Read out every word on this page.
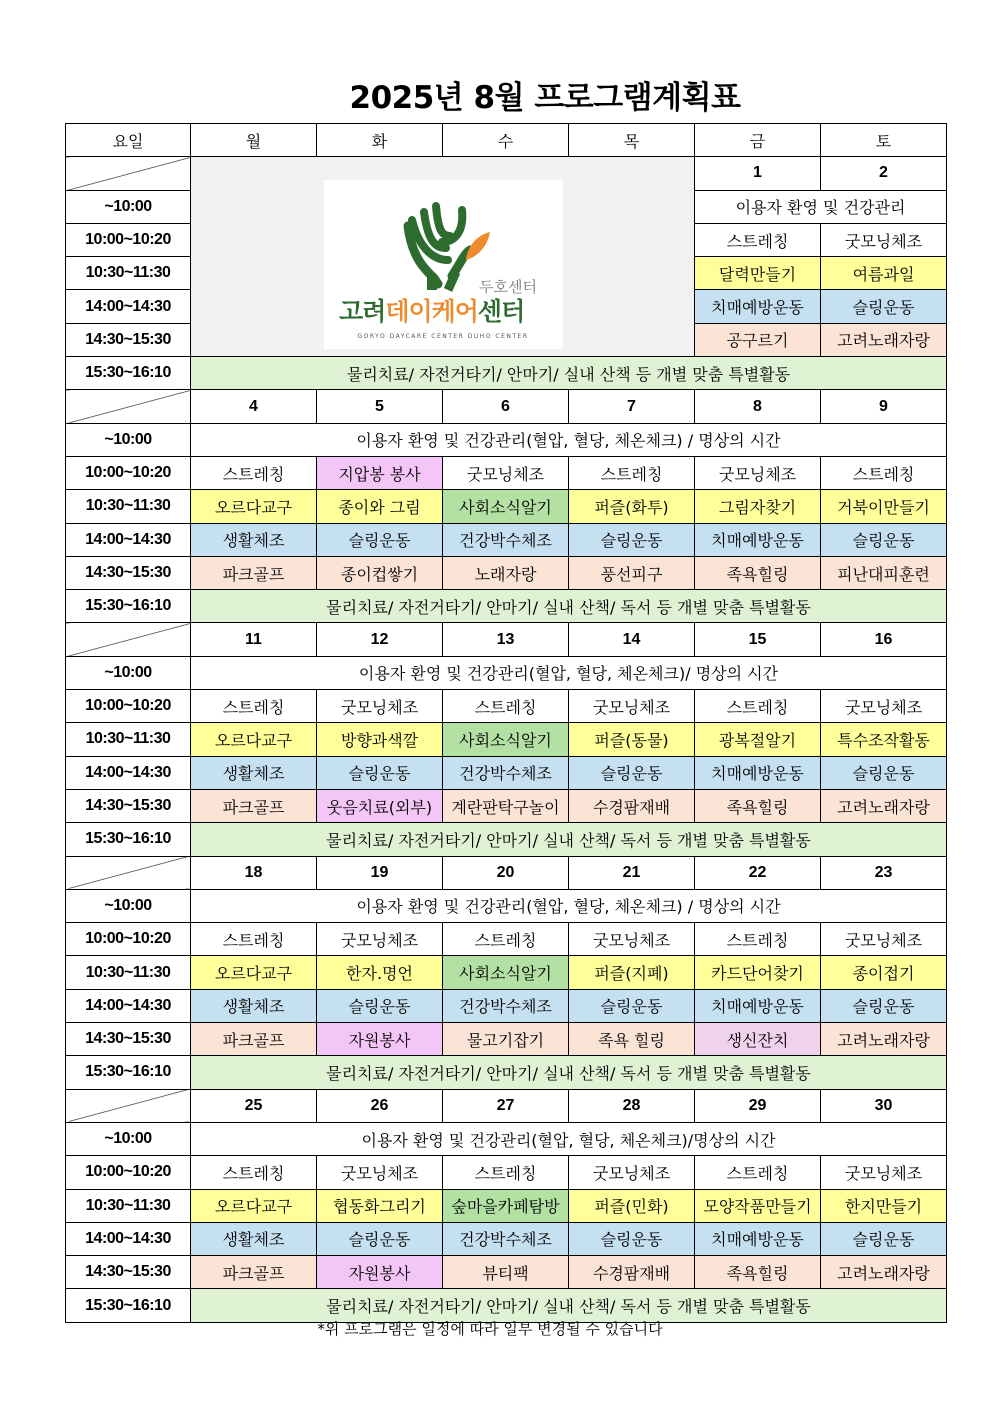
2025년 8월 프로그램계획표
요일	월	화	수	목	금	토

두호센터
고려데이케어센터
GORYO DAYCARE CENTER DUHO CENTER				1	2
~10:00					이용자 환영 및 건강관리	
10:00~10:20					스트레칭	굿모닝체조
10:30~11:30					달력만들기	여름과일
14:00~14:30					치매예방운동	슬링운동
14:30~15:30					공구르기	고려노래자랑
15:30~16:10	물리치료/ 자전거타기/ 안마기/ 실내 산책 등 개별 맞춤 특별활동					
	4	5	6	7	8	9
~10:00	이용자 환영 및 건강관리(혈압, 혈당, 체온체크) / 명상의 시간					
10:00~10:20	스트레칭	지압봉 봉사	굿모닝체조	스트레칭	굿모닝체조	스트레칭
10:30~11:30	오르다교구	종이와 그림	사회소식알기	퍼즐(화투)	그림자찾기	거북이만들기
14:00~14:30	생활체조	슬링운동	건강박수체조	슬링운동	치매예방운동	슬링운동
14:30~15:30	파크골프	종이컵쌓기	노래자랑	풍선피구	족욕힐링	피난대피훈련
15:30~16:10	물리치료/ 자전거타기/ 안마기/ 실내 산책/ 독서 등 개별 맞춤 특별활동					
	11	12	13	14	15	16
~10:00	이용자 환영 및 건강관리(혈압, 혈당, 체온체크)/ 명상의 시간					
10:00~10:20	스트레칭	굿모닝체조	스트레칭	굿모닝체조	스트레칭	굿모닝체조
10:30~11:30	오르다교구	방향과색깔	사회소식알기	퍼즐(동물)	광복절알기	특수조작활동
14:00~14:30	생활체조	슬링운동	건강박수체조	슬링운동	치매예방운동	슬링운동
14:30~15:30	파크골프	웃음치료(외부)	계란판탁구놀이	수경팜재배	족욕힐링	고려노래자랑
15:30~16:10	물리치료/ 자전거타기/ 안마기/ 실내 산책/ 독서 등 개별 맞춤 특별활동					
	18	19	20	21	22	23
~10:00	이용자 환영 및 건강관리(혈압, 혈당, 체온체크) / 명상의 시간					
10:00~10:20	스트레칭	굿모닝체조	스트레칭	굿모닝체조	스트레칭	굿모닝체조
10:30~11:30	오르다교구	한자.명언	사회소식알기	퍼즐(지폐)	카드단어찾기	종이접기
14:00~14:30	생활체조	슬링운동	건강박수체조	슬링운동	치매예방운동	슬링운동
14:30~15:30	파크골프	자원봉사	물고기잡기	족욕 힐링	생신잔치	고려노래자랑
15:30~16:10	물리치료/ 자전거타기/ 안마기/ 실내 산책/ 독서 등 개별 맞춤 특별활동					
	25	26	27	28	29	30
~10:00	이용자 환영 및 건강관리(혈압, 혈당, 체온체크)/명상의 시간					
10:00~10:20	스트레칭	굿모닝체조	스트레칭	굿모닝체조	스트레칭	굿모닝체조
10:30~11:30	오르다교구	협동화그리기	숲마을카페탐방	퍼즐(민화)	모양작품만들기	한지만들기
14:00~14:30	생활체조	슬링운동	건강박수체조	슬링운동	치매예방운동	슬링운동
14:30~15:30	파크골프	자원봉사	뷰티팩	수경팜재배	족욕힐링	고려노래자랑
15:30~16:10	물리치료/ 자전거타기/ 안마기/ 실내 산책/ 독서 등 개별 맞춤 특별활동					
*위 프로그램은 일정에 따라 일부 변경될 수 있습니다
